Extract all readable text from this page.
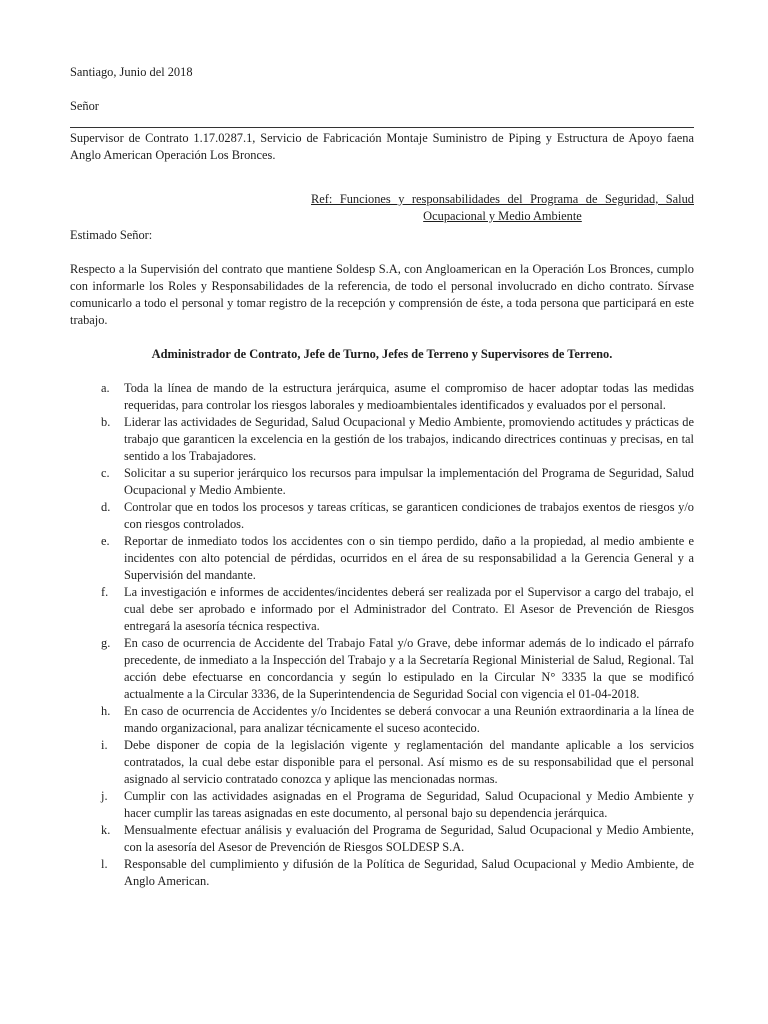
Santiago, Junio del 2018

Señor

Supervisor de Contrato 1.17.0287.1, Servicio de Fabricación Montaje Suministro de Piping y Estructura de Apoyo faena Anglo American Operación Los Bronces.

Ref: Funciones y responsabilidades del Programa de Seguridad, Salud Ocupacional y Medio Ambiente

Estimado Señor:

Respecto a la Supervisión del contrato que mantiene Soldesp S.A, con Angloamerican en la Operación Los Bronces, cumplo con informarle los Roles y Responsabilidades de la referencia, de todo el personal involucrado en dicho contrato. Sírvase comunicarlo a todo el personal y tomar registro de la recepción y comprensión de éste, a toda persona que participará en este trabajo.

Administrador de Contrato, Jefe de Turno, Jefes de Terreno y Supervisores de Terreno.

a. Toda la línea de mando de la estructura jerárquica, asume el compromiso de hacer adoptar todas las medidas requeridas, para controlar los riesgos laborales y medioambientales identificados y evaluados por el personal.
b. Liderar las actividades de Seguridad, Salud Ocupacional y Medio Ambiente, promoviendo actitudes y prácticas de trabajo que garanticen la excelencia en la gestión de los trabajos, indicando directrices continuas y precisas, en tal sentido a los Trabajadores.
c. Solicitar a su superior jerárquico los recursos para impulsar la implementación del Programa de Seguridad, Salud Ocupacional y Medio Ambiente.
d. Controlar que en todos los procesos y tareas críticas, se garanticen condiciones de trabajos exentos de riesgos y/o con riesgos controlados.
e. Reportar de inmediato todos los accidentes con o sin tiempo perdido, daño a la propiedad, al medio ambiente e incidentes con alto potencial de pérdidas, ocurridos en el área de su responsabilidad a la Gerencia General y a Supervisión del mandante.
f. La investigación e informes de accidentes/incidentes deberá ser realizada por el Supervisor a cargo del trabajo, el cual debe ser aprobado e informado por el Administrador del Contrato. El Asesor de Prevención de Riesgos entregará la asesoría técnica respectiva.
g. En caso de ocurrencia de Accidente del Trabajo Fatal y/o Grave, debe informar además de lo indicado el párrafo precedente, de inmediato a la Inspección del Trabajo y a la Secretaría Regional Ministerial de Salud, Regional. Tal acción debe efectuarse en concordancia y según lo estipulado en la Circular N° 3335 la que se modificó actualmente a la Circular 3336, de la Superintendencia de Seguridad Social con vigencia el 01-04-2018.
h. En caso de ocurrencia de Accidentes y/o Incidentes se deberá convocar a una Reunión extraordinaria a la línea de mando organizacional, para analizar técnicamente el suceso acontecido.
i. Debe disponer de copia de la legislación vigente y reglamentación del mandante aplicable a los servicios contratados, la cual debe estar disponible para el personal. Así mismo es de su responsabilidad que el personal asignado al servicio contratado conozca y aplique las mencionadas normas.
j. Cumplir con las actividades asignadas en el Programa de Seguridad, Salud Ocupacional y Medio Ambiente y hacer cumplir las tareas asignadas en este documento, al personal bajo su dependencia jerárquica.
k. Mensualmente efectuar análisis y evaluación del Programa de Seguridad, Salud Ocupacional y Medio Ambiente, con la asesoría del Asesor de Prevención de Riesgos SOLDESP S.A.
l. Responsable del cumplimiento y difusión de la Política de Seguridad, Salud Ocupacional y Medio Ambiente, de Anglo American.
